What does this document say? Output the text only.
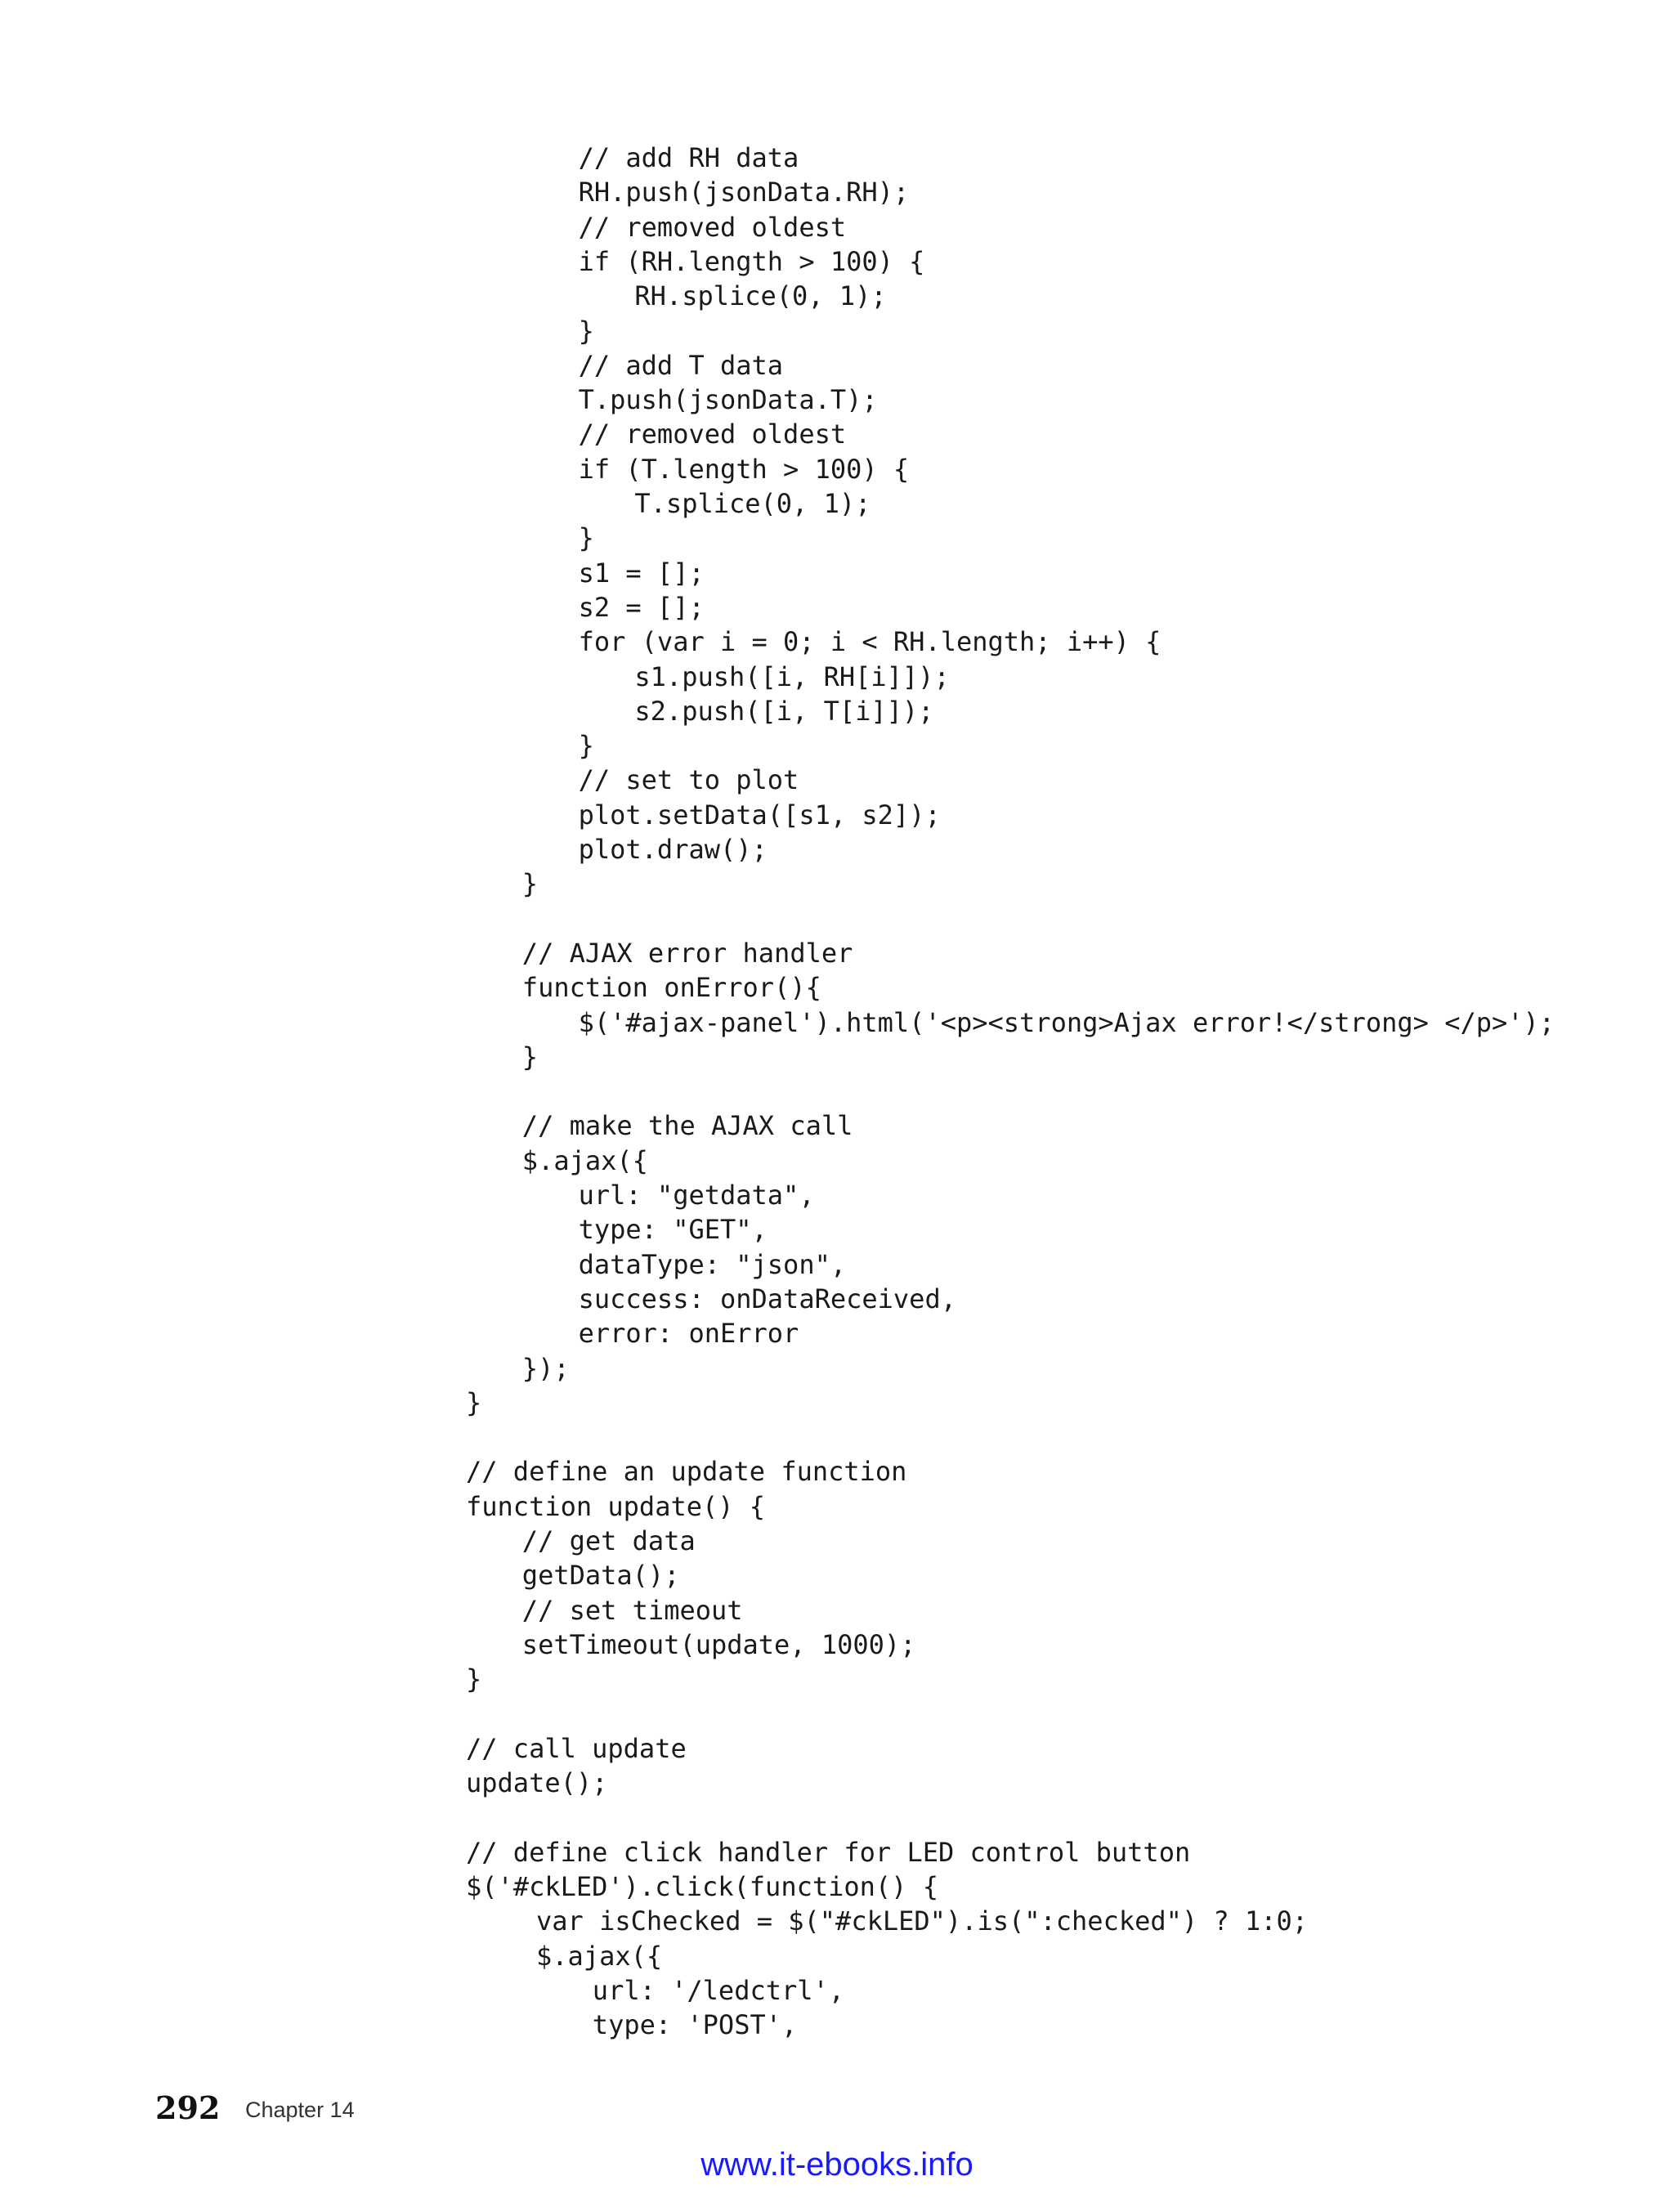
// add RH data
RH.push(jsonData.RH);
// removed oldest
if (RH.length > 100) {
RH.splice(0, 1);
}
// add T data
T.push(jsonData.T);
// removed oldest
if (T.length > 100) {
T.splice(0, 1);
}
s1 = [];
s2 = [];
for (var i = 0; i < RH.length; i++) {
s1.push([i, RH[i]]);
s2.push([i, T[i]]);
}
// set to plot
plot.setData([s1, s2]);
plot.draw();
}
// AJAX error handler
function onError(){
$('#ajax-panel').html('<p><strong>Ajax error!</strong> </p>');
}
// make the AJAX call
$.ajax({
url: "getdata",
type: "GET",
dataType: "json",
success: onDataReceived,
error: onError
});
}
// define an update function
function update() {
// get data
getData();
// set timeout
setTimeout(update, 1000);
}
// call update
update();
// define click handler for LED control button
$('#ckLED').click(function() {
var isChecked = $("#ckLED").is(":checked") ? 1:0;
$.ajax({
url: '/ledctrl',
type: 'POST',
292 Chapter 14
www.it-ebooks.info
